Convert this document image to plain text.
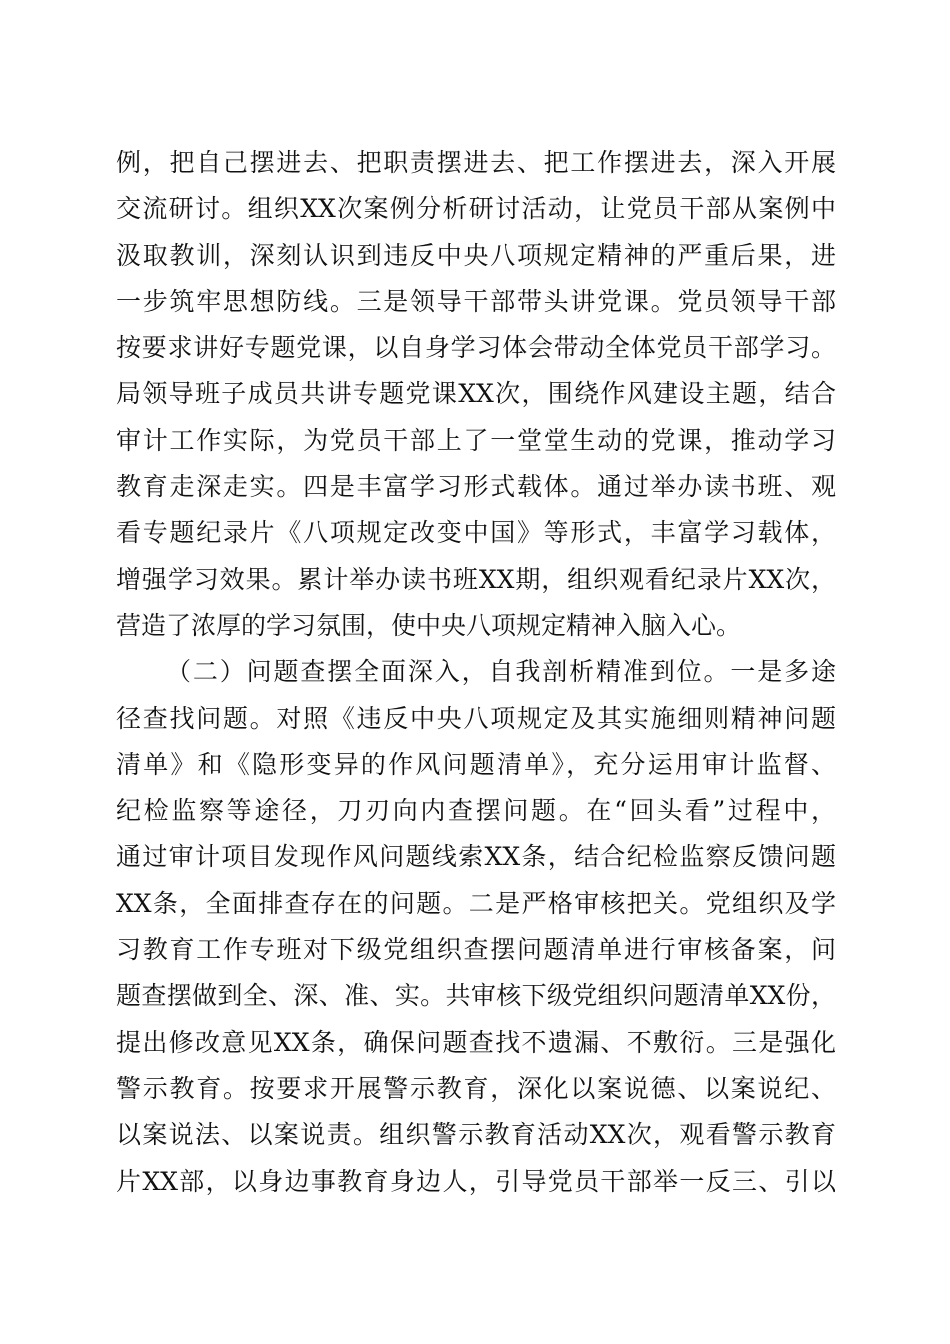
例，把自己摆进去、把职责摆进去、把工作摆进去，深入开展
交流研讨。组织XX次案例分析研讨活动，让党员干部从案例中
汲取教训，深刻认识到违反中央八项规定精神的严重后果，进
一步筑牢思想防线。三是领导干部带头讲党课。党员领导干部
按要求讲好专题党课，以自身学习体会带动全体党员干部学习。
局领导班子成员共讲专题党课XX次，围绕作风建设主题，结合
审计工作实际，为党员干部上了一堂堂生动的党课，推动学习
教育走深走实。四是丰富学习形式载体。通过举办读书班、观
看专题纪录片《八项规定改变中国》等形式，丰富学习载体，
增强学习效果。累计举办读书班XX期，组织观看纪录片XX次，
营造了浓厚的学习氛围，使中央八项规定精神入脑入心。
（二）问题查摆全面深入，自我剖析精准到位。一是多途
径查找问题。对照《违反中央八项规定及其实施细则精神问题
清单》和《隐形变异的作风问题清单》，充分运用审计监督、
纪检监察等途径，刀刃向内查摆问题。在“回头看”过程中，
通过审计项目发现作风问题线索XX条，结合纪检监察反馈问题
XX条，全面排查存在的问题。二是严格审核把关。党组织及学
习教育工作专班对下级党组织查摆问题清单进行审核备案，问
题查摆做到全、深、准、实。共审核下级党组织问题清单XX份，
提出修改意见XX条，确保问题查找不遗漏、不敷衍。三是强化
警示教育。按要求开展警示教育，深化以案说德、以案说纪、
以案说法、以案说责。组织警示教育活动XX次，观看警示教育
片XX部，以身边事教育身边人，引导党员干部举一反三、引以
